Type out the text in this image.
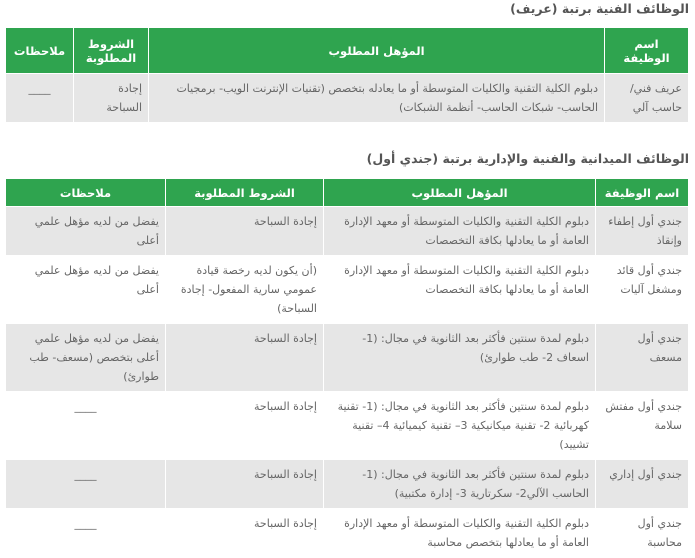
الوظائف الفنية برتبة (عريف)
اسم الوظيفة	المؤهل المطلوب	الشروط المطلوبة	ملاحظات
عريف فني/ حاسب آلي	دبلوم الكلية التقنية والكليات المتوسطة أو ما يعادله بتخصص (تقنيات الإنترنت الويب- برمجيات الحاسب- شبكات الحاسب- أنظمة الشبكات)	إجادة السباحة	____
الوظائف الميدانية والفنية والإدارية برتبة (جندي أول)
اسم الوظيفة	المؤهل المطلوب	الشروط المطلوبة	ملاحظات
جندي أول إطفاء وإنقاذ	دبلوم الكلية التقنية والكليات المتوسطة أو معهد الإدارة العامة أو ما يعادلها بكافة التخصصات	إجادة السباحة	يفضل من لديه مؤهل علمي أعلى
جندي أول قائد ومشغل آليات	دبلوم الكلية التقنية والكليات المتوسطة أو معهد الإدارة العامة أو ما يعادلها بكافة التخصصات	(أن يكون لديه رخصة قيادة عمومي سارية المفعول- إجادة السباحة)	يفضل من لديه مؤهل علمي أعلى
جندي أول مسعف	دبلوم لمدة سنتين فأكثر بعد الثانوية في مجال: (1- اسعاف 2- طب طوارئ)	إجادة السباحة	يفضل من لديه مؤهل علمي أعلى بتخصص (مسعف- طب طوارئ)
جندي أول مفتش سلامة	دبلوم لمدة سنتين فأكثر بعد الثانوية في مجال: (1- تقنية كهربائية 2- تقنية ميكانيكية 3– تقنية كيميائية 4– تقنية تشييد)	إجادة السباحة	____
جندي أول إداري	دبلوم لمدة سنتين فأكثر بعد الثانوية في مجال: (1- الحاسب الآلي2- سكرتارية 3- إدارة مكتبية)	إجادة السباحة	____
جندي أول محاسبة	دبلوم الكلية التقنية والكليات المتوسطة أو معهد الإدارة العامة أو ما يعادلها بتخصص محاسبة	إجادة السباحة	____
